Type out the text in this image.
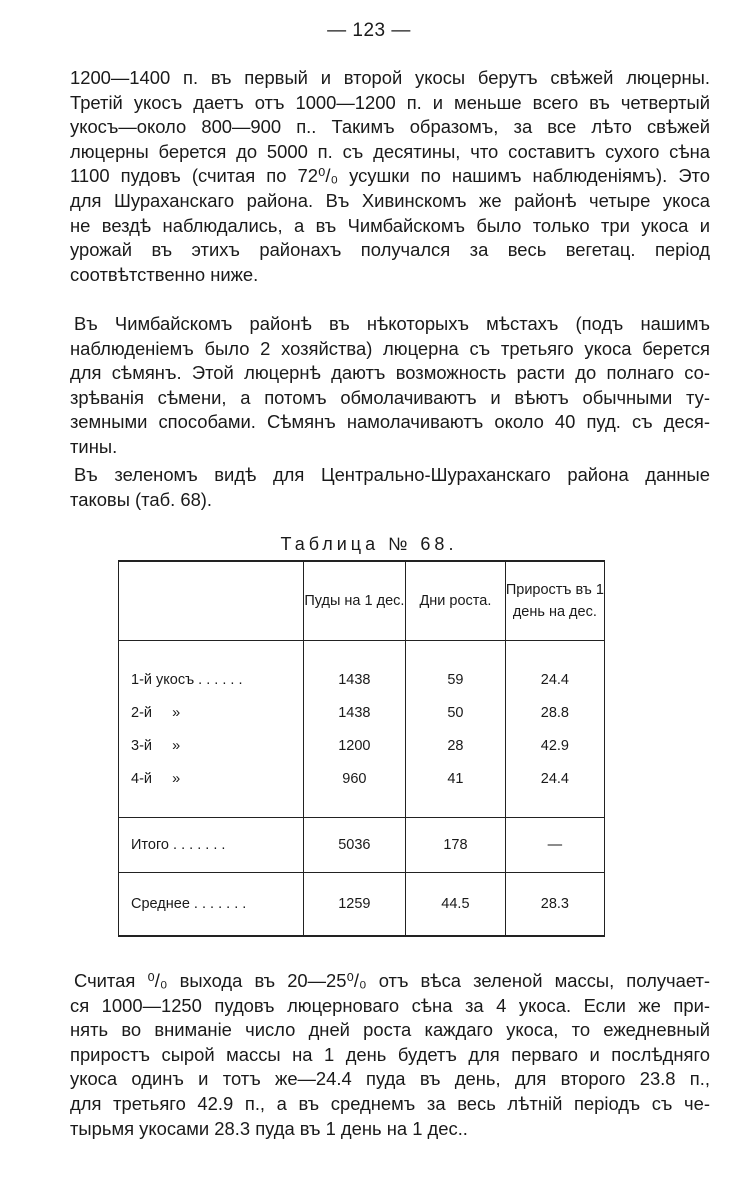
— 123 —
1200—1400 п. въ первый и второй укосы берутъ свѣжей люцерны.
Третій укосъ даетъ отъ 1000—1200 п. и меньше всего въ четвертый
укосъ—около 800—900 п.. Такимъ образомъ, за все лѣто свѣжей
люцерны берется до 5000 п. съ десятины, что составитъ сухого сѣна
1100 пудовъ (считая по 72⁰/₀ усушки по нашимъ наблюденіямъ). Это
для Шураханскаго района. Въ Хивинскомъ же районѣ четыре укоса
не вездѣ наблюдались, а въ Чимбайскомъ было только три укоса и
урожай въ этихъ районахъ получался за весь вегетац. період
соотвѣтственно ниже.
Въ Чимбайскомъ районѣ въ нѣкоторыхъ мѣстахъ (подъ нашимъ
наблюденіемъ было 2 хозяйства) люцерна съ третьяго укоса берется
для сѣмянъ. Этой люцернѣ даютъ возможность расти до полнаго со-
зрѣванія сѣмени, а потомъ обмолачиваютъ и вѣютъ обычными ту-
земными способами. Сѣмянъ намолачиваютъ около 40 пуд. съ деся-
тины.
Въ зеленомъ видѣ для Центрально-Шураханскаго района данные
таковы (таб. 68).
Таблица № 68.
	Пуды на 1 дес.	Дни роста.	Приростъ въ 1 день на дес.

1-й укосъ . . . . . .	1438	59	24.4
2-й     »	1438	50	28.8
3-й     »	1200	28	42.9
4-й     »	960	41	24.4

Итого . . . . . . .	5036	178	—
Среднее . . . . . . .	1259	44.5	28.3
Считая ⁰/₀ выхода въ 20—25⁰/₀ отъ вѣса зеленой массы, получает-
ся 1000—1250 пудовъ люцерноваго сѣна за 4 укоса. Если же при-
нять во вниманіе число дней роста каждаго укоса, то ежедневный
приростъ сырой массы на 1 день будетъ для перваго и послѣдняго
укоса одинъ и тотъ же—24.4 пуда въ день, для второго 23.8 п.,
для третьяго 42.9 п., а въ среднемъ за весь лѣтній періодъ съ че-
тырьмя укосами 28.3 пуда въ 1 день на 1 дес..
